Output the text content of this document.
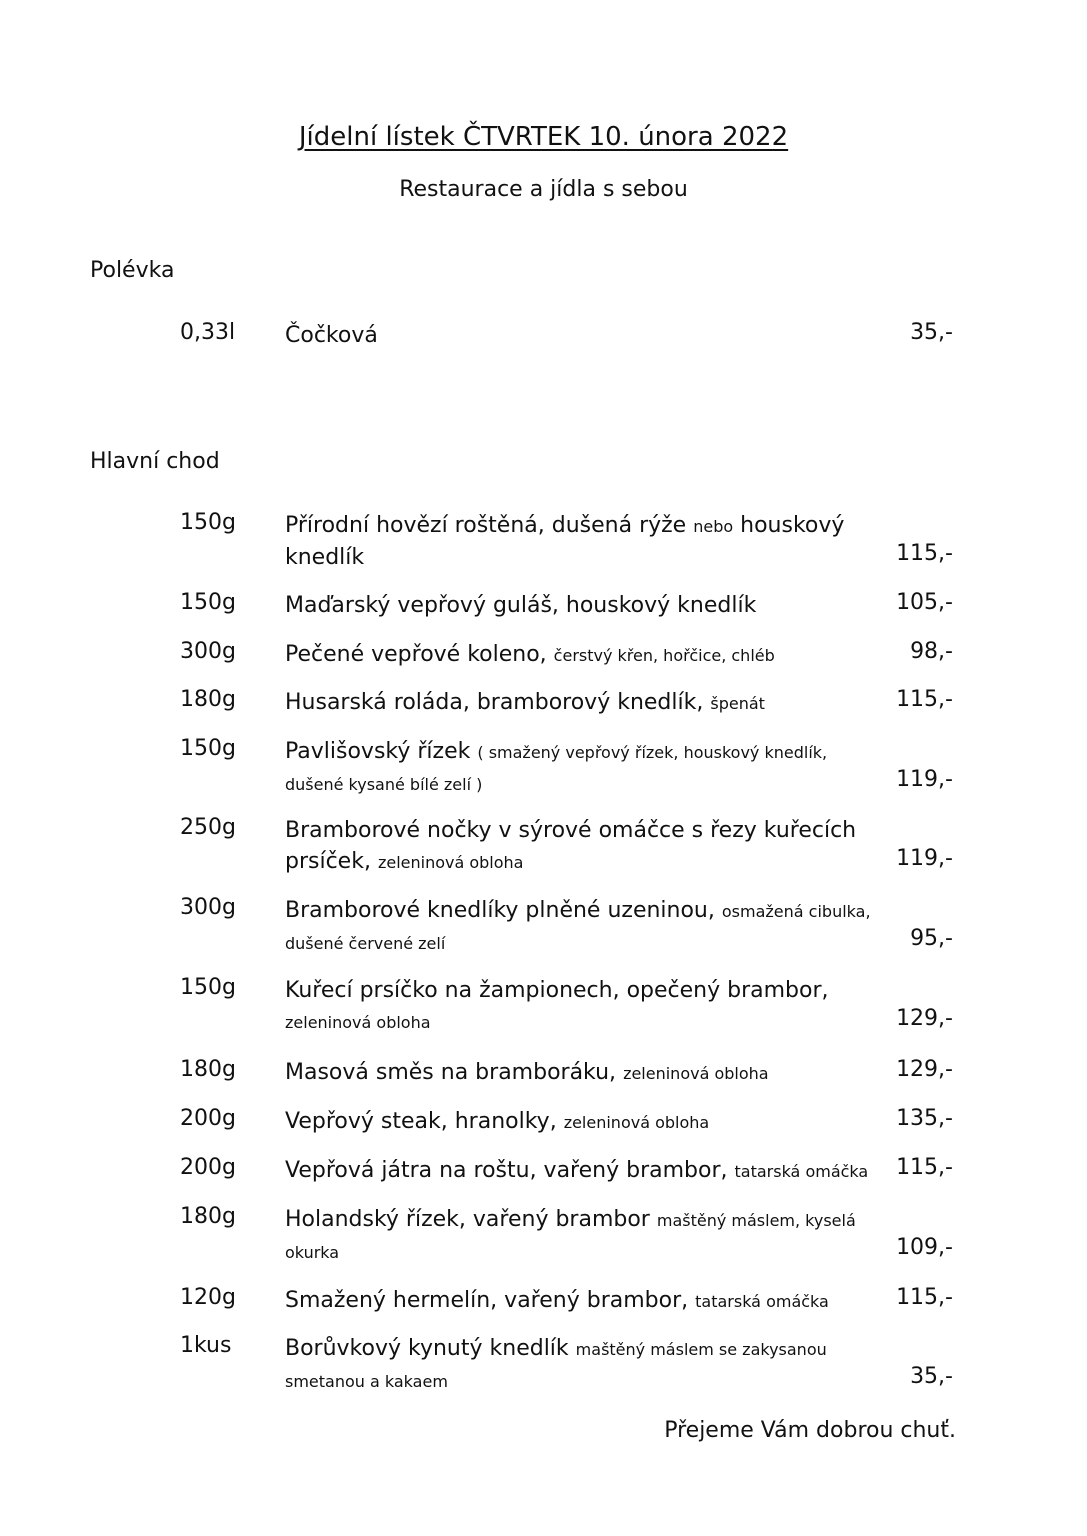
Jídelní lístek ČTVRTEK 10. února 2022
Restaurace a jídla s sebou
Polévka
0,33l Čočková	35,-
Hlavní chod
150g Přírodní hovězí roštěná, dušená rýže nebo houskový knedlík	115,-
150g Maďarský vepřový guláš, houskový knedlík	105,-
300g Pečené vepřové koleno, čerstvý křen, hořčice, chléb	98,-
180g Husarská roláda, bramborový knedlík, špenát	115,-
150g Pavlišovský řízek ( smažený vepřový řízek, houskový knedlík, dušené kysané bílé zelí )	119,-
250g Bramborové nočky v sýrové omáčce s řezy kuřecích prsíček, zeleninová obloha	119,-
300g Bramborové knedlíky plněné uzeninou, osmažená cibulka, dušené červené zelí	95,-
150g Kuřecí prsíčko na žampionech, opečený brambor, zeleninová obloha	129,-
180g Masová směs na bramboráku, zeleninová obloha	129,-
200g Vepřový steak, hranolky, zeleninová obloha	135,-
200g Vepřová játra na roštu, vařený brambor, tatarská omáčka	115,-
180g Holandský řízek, vařený brambor maštěný máslem, kyselá okurka	109,-
120g Smažený hermelín, vařený brambor, tatarská omáčka	115,-
1kus Borůvkový kynutý knedlík maštěný máslem se zakysanou smetanou a kakaem	35,-
Přejeme Vám dobrou chuť.
